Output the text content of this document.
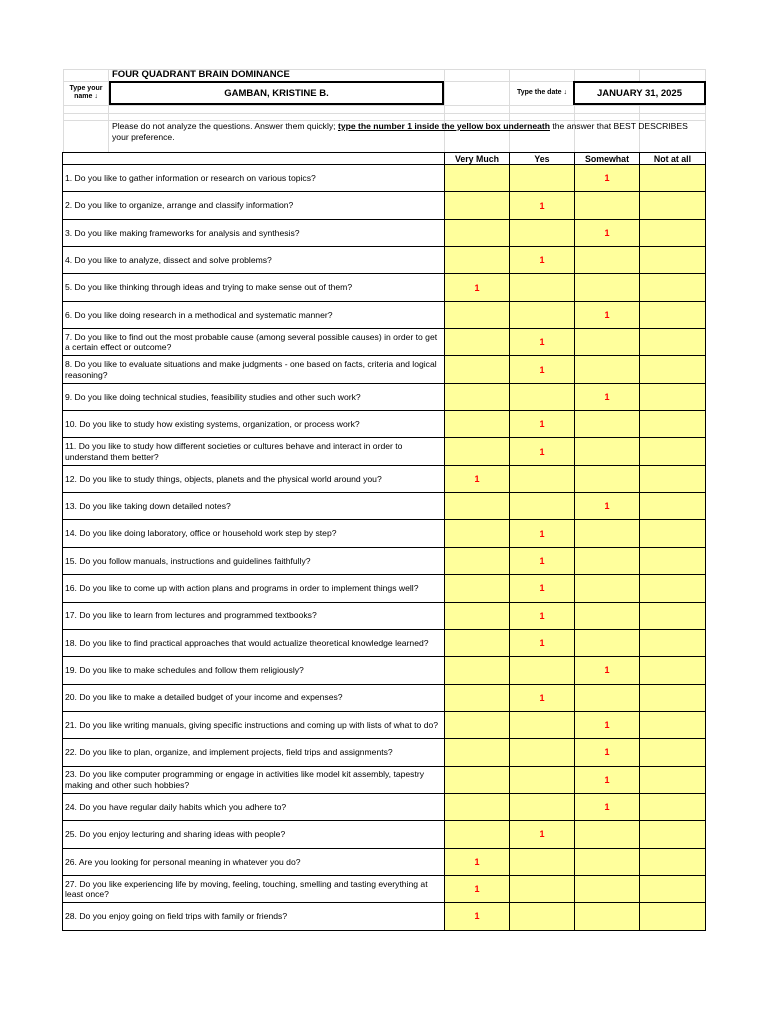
FOUR QUADRANT BRAIN DOMINANCE
Type your name ↓	GAMBAN, KRISTINE B.	Type the date ↓	JANUARY 31, 2025
Please do not analyze the questions. Answer them quickly; type the number 1 inside the yellow box underneath the answer that BEST DESCRIBES your preference.
	Very Much	Yes	Somewhat	Not at all
1. Do you like to gather information or research on various topics?			1	
2. Do you like to organize, arrange and classify information?		1		
3. Do you like making frameworks for analysis and synthesis?			1	
4. Do you like to analyze, dissect and solve problems?		1		
5. Do you like thinking through ideas and trying to make sense out of them?	1			
6. Do you like doing research in a methodical and systematic manner?			1	
7. Do you like to find out the most probable cause (among several possible causes) in order to get a certain effect or outcome?		1		
8. Do you like to evaluate situations and make judgments - one based on facts, criteria and logical reasoning?		1		
9. Do you like doing technical studies, feasibility studies and other such work?			1	
10. Do you like to study how existing systems, organization, or process work?		1		
11. Do you like to study how different societies or cultures behave and interact in order to understand them better?		1		
12. Do you like to study things, objects, planets and the physical world around you?	1			
13. Do you like taking down detailed notes?			1	
14. Do you like doing laboratory, office or household work step by step?		1		
15. Do you follow manuals, instructions and guidelines faithfully?		1		
16. Do you like to come up with action plans and programs in order to implement things well?		1		
17. Do you like to learn from lectures and programmed textbooks?		1		
18. Do you like to find practical approaches that would actualize theoretical knowledge learned?		1		
19. Do you like to make schedules and follow them religiously?			1	
20. Do you like to make a detailed budget of your income and expenses?		1		
21. Do you like writing manuals, giving specific instructions and coming up with lists of what to do?			1	
22. Do you like to plan, organize, and implement projects, field trips and assignments?			1	
23. Do you like computer programming or engage in activities like model kit assembly, tapestry making and other such hobbies?			1	
24. Do you have regular daily habits which you adhere to?			1	
25. Do you enjoy lecturing and sharing ideas with people?		1		
26. Are you looking for personal meaning in whatever you do?	1			
27. Do you like experiencing life by moving, feeling, touching, smelling and tasting everything at least once?	1			
28. Do you enjoy going on field trips with family or friends?	1			
